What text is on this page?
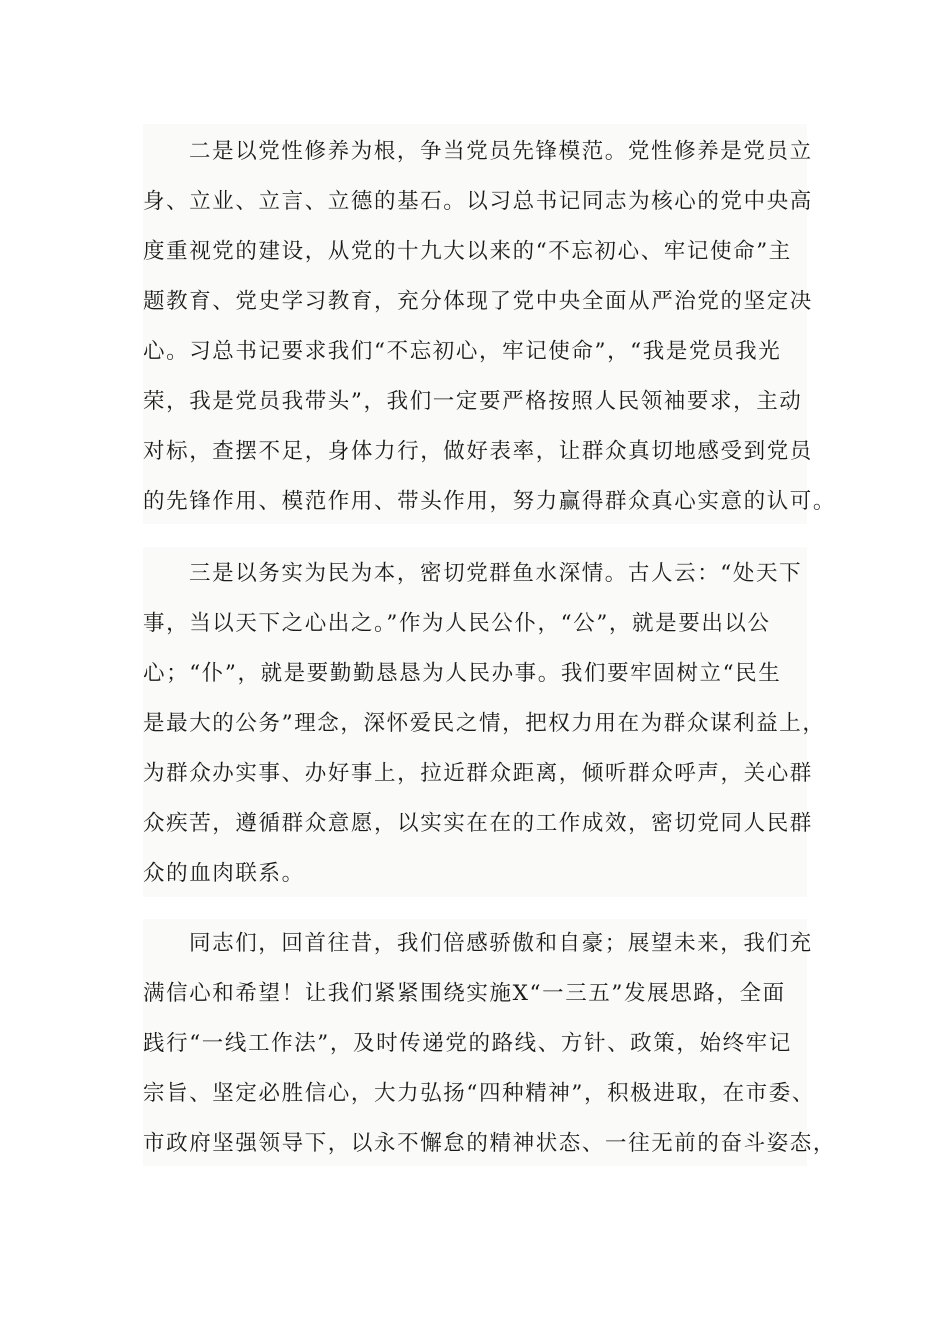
二是以党性修养为根，争当党员先锋模范。党性修养是党员立
身、立业、立言、立德的基石。以习总书记同志为核心的党中央高
度重视党的建设，从党的十九大以来的“不忘初心、牢记使命”主
题教育、党史学习教育，充分体现了党中央全面从严治党的坚定决
心。习总书记要求我们“不忘初心，牢记使命”，“我是党员我光
荣，我是党员我带头”，我们一定要严格按照人民领袖要求，主动
对标，查摆不足，身体力行，做好表率，让群众真切地感受到党员
的先锋作用、模范作用、带头作用，努力赢得群众真心实意的认可。
三是以务实为民为本，密切党群鱼水深情。古人云：“处天下
事，当以天下之心出之。”作为人民公仆，“公”，就是要出以公
心；“仆”，就是要勤勤恳恳为人民办事。我们要牢固树立“民生
是最大的公务”理念，深怀爱民之情，把权力用在为群众谋利益上，
为群众办实事、办好事上，拉近群众距离，倾听群众呼声，关心群
众疾苦，遵循群众意愿，以实实在在的工作成效，密切党同人民群
众的血肉联系。
同志们，回首往昔，我们倍感骄傲和自豪；展望未来，我们充
满信心和希望！让我们紧紧围绕实施X“一三五”发展思路，全面
践行“一线工作法”，及时传递党的路线、方针、政策，始终牢记
宗旨、坚定必胜信心，大力弘扬“四种精神”，积极进取，在市委、
市政府坚强领导下，以永不懈怠的精神状态、一往无前的奋斗姿态，
